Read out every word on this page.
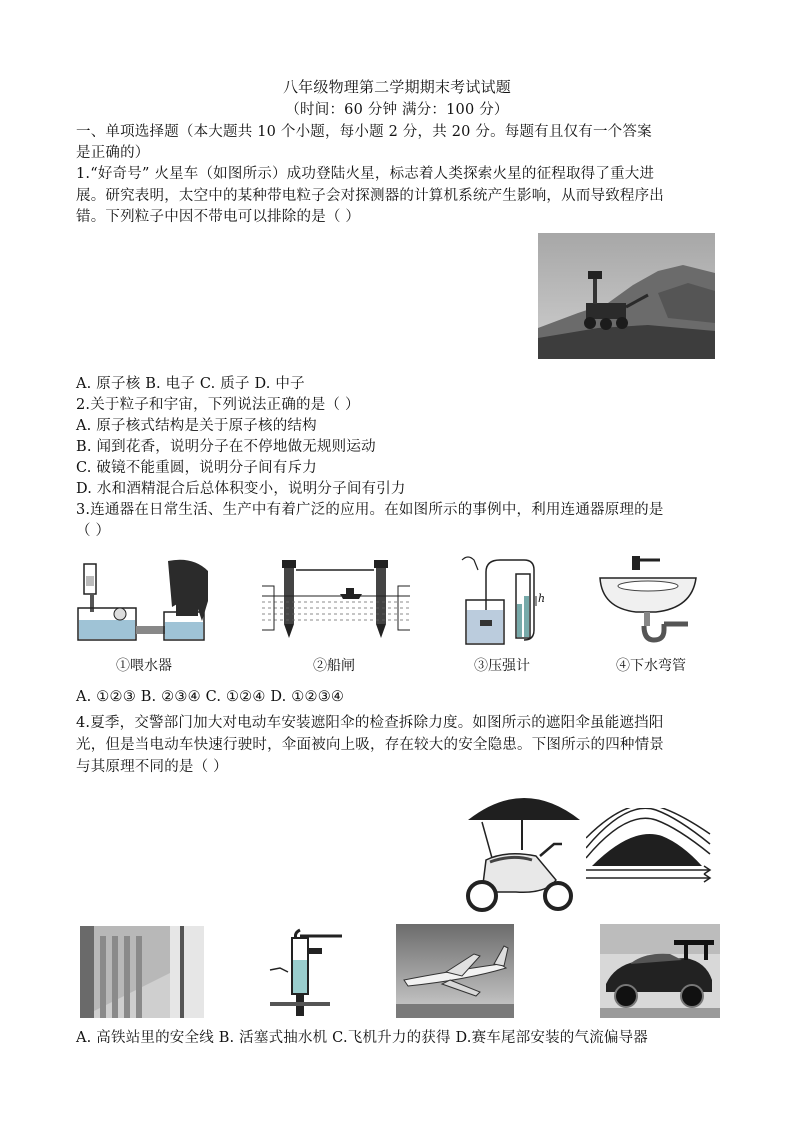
八年级物理第二学期期末考试试题
（时间：60 分钟 满分：100 分）
一、单项选择题（本大题共 10 个小题，每小题 2 分，共 20 分。每题有且仅有一个答案
是正确的）
1.“好奇号” 火星车（如图所示）成功登陆火星，标志着人类探索火星的征程取得了重大进
展。研究表明，太空中的某种带电粒子会对探测器的计算机系统产生影响，从而导致程序出
错。下列粒子中因不带电可以排除的是（ ）
A. 原子核 B. 电子 C. 质子 D. 中子
2.关于粒子和宇宙，下列说法正确的是（ ）
A. 原子核式结构是关于原子核的结构
B. 闻到花香，说明分子在不停地做无规则运动
C. 破镜不能重圆，说明分子间有斥力
D. 水和酒精混合后总体积变小，说明分子间有引力
3.连通器在日常生活、生产中有着广泛的应用。在如图所示的事例中，利用连通器原理的是
（ ）
①喂水器	②船闸
h
③压强计	④下水弯管
A. ①②③ B. ②③④ C. ①②④ D. ①②③④
4.夏季，交警部门加大对电动车安装遮阳伞的检查拆除力度。如图所示的遮阳伞虽能遮挡阳
光，但是当电动车快速行驶时，伞面被向上吸，存在较大的安全隐患。下图所示的四种情景
与其原理不同的是（ ）
A. 高铁站里的安全线 B. 活塞式抽水机 C.飞机升力的获得 D.赛车尾部安装的气流偏导器
